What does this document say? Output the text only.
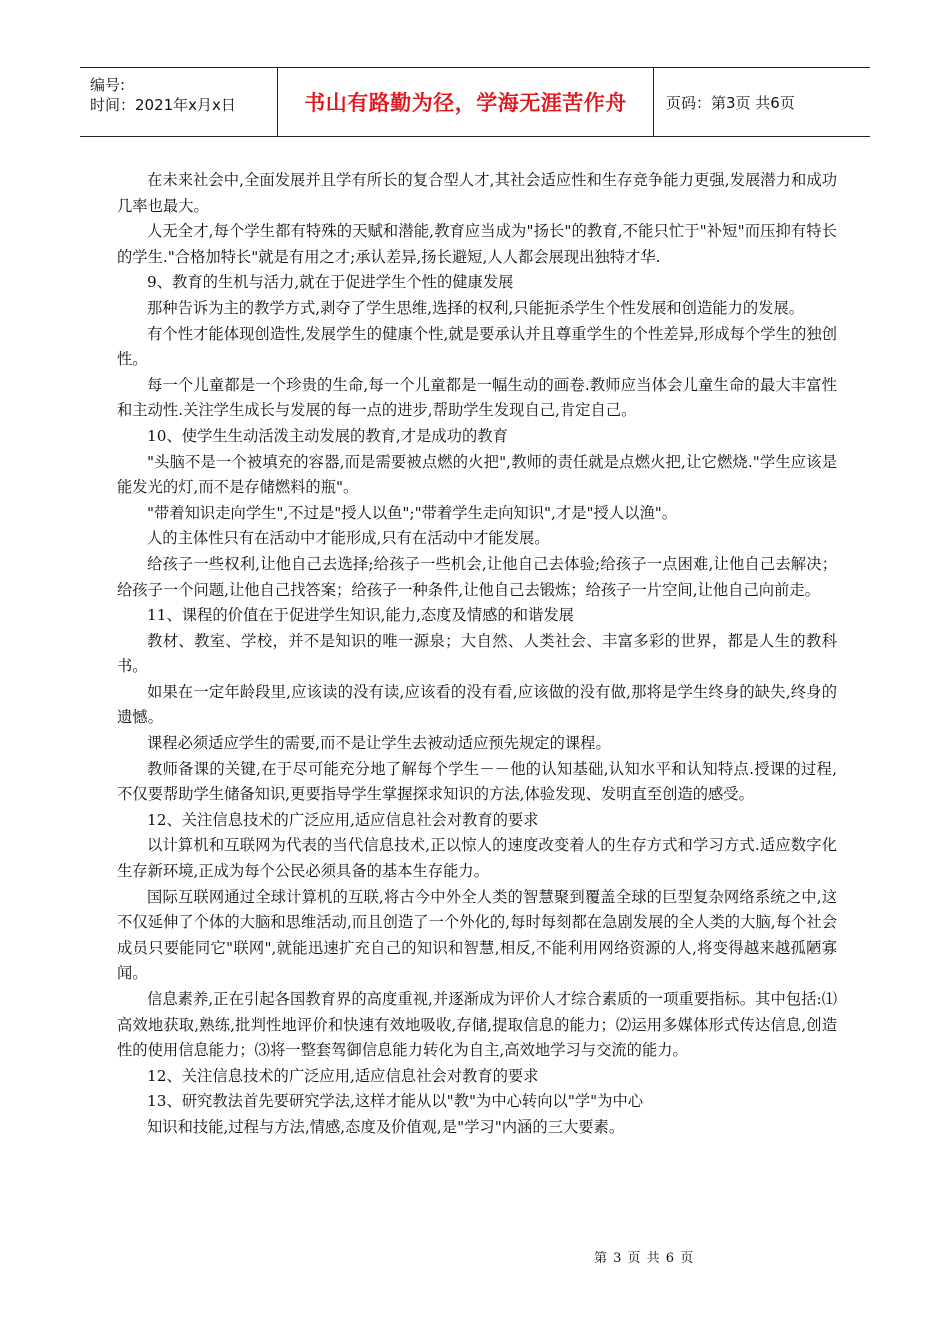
编号:
时间：2021年x月x日	书山有路勤为径，学海无涯苦作舟	页码：第3页 共6页

在未来社会中,全面发展并且学有所长的复合型人才,其社会适应性和生存竞争能力更强,发展潜力和成功几率也最大。

人无全才,每个学生都有特殊的天赋和潜能,教育应当成为"扬长"的教育,不能只忙于"补短"而压抑有特长的学生."合格加特长"就是有用之才;承认差异,扬长避短,人人都会展现出独特才华.

9、教育的生机与活力,就在于促进学生个性的健康发展

那种告诉为主的教学方式,剥夺了学生思维,选择的权利,只能扼杀学生个性发展和创造能力的发展。

有个性才能体现创造性,发展学生的健康个性,就是要承认并且尊重学生的个性差异,形成每个学生的独创性。

每一个儿童都是一个珍贵的生命,每一个儿童都是一幅生动的画卷.教师应当体会儿童生命的最大丰富性和主动性.关注学生成长与发展的每一点的进步,帮助学生发现自己,肯定自己。

10、使学生生动活泼主动发展的教育,才是成功的教育

"头脑不是一个被填充的容器,而是需要被点燃的火把",教师的责任就是点燃火把,让它燃烧."学生应该是能发光的灯,而不是存储燃料的瓶"。

"带着知识走向学生",不过是"授人以鱼";"带着学生走向知识",才是"授人以渔"。

人的主体性只有在活动中才能形成,只有在活动中才能发展。

给孩子一些权利,让他自己去选择;给孩子一些机会,让他自己去体验;给孩子一点困难,让他自己去解决；给孩子一个问题,让他自己找答案；给孩子一种条件,让他自己去锻炼；给孩子一片空间,让他自己向前走。

11、课程的价值在于促进学生知识,能力,态度及情感的和谐发展

教材、教室、学校，并不是知识的唯一源泉；大自然、人类社会、丰富多彩的世界，都是人生的教科书。

如果在一定年龄段里,应该读的没有读,应该看的没有看,应该做的没有做,那将是学生终身的缺失,终身的遗憾。

课程必须适应学生的需要,而不是让学生去被动适应预先规定的课程。

教师备课的关键,在于尽可能充分地了解每个学生－－他的认知基础,认知水平和认知特点.授课的过程,不仅要帮助学生储备知识,更要指导学生掌握探求知识的方法,体验发现、发明直至创造的感受。

12、关注信息技术的广泛应用,适应信息社会对教育的要求

以计算机和互联网为代表的当代信息技术,正以惊人的速度改变着人的生存方式和学习方式.适应数字化生存新环境,正成为每个公民必须具备的基本生存能力。

国际互联网通过全球计算机的互联,将古今中外全人类的智慧聚到覆盖全球的巨型复杂网络系统之中,这不仅延伸了个体的大脑和思维活动,而且创造了一个外化的,每时每刻都在急剧发展的全人类的大脑,每个社会成员只要能同它"联网",就能迅速扩充自己的知识和智慧,相反,不能利用网络资源的人,将变得越来越孤陋寡闻。

信息素养,正在引起各国教育界的高度重视,并逐渐成为评价人才综合素质的一项重要指标。其中包括:⑴高效地获取,熟练,批判性地评价和快速有效地吸收,存储,提取信息的能力；⑵运用多媒体形式传达信息,创造性的使用信息能力；⑶将一整套驾御信息能力转化为自主,高效地学习与交流的能力。

12、关注信息技术的广泛应用,适应信息社会对教育的要求

13、研究教法首先要研究学法,这样才能从以"教"为中心转向以"学"为中心

知识和技能,过程与方法,情感,态度及价值观,是"学习"内涵的三大要素。

第 3 页 共 6 页
